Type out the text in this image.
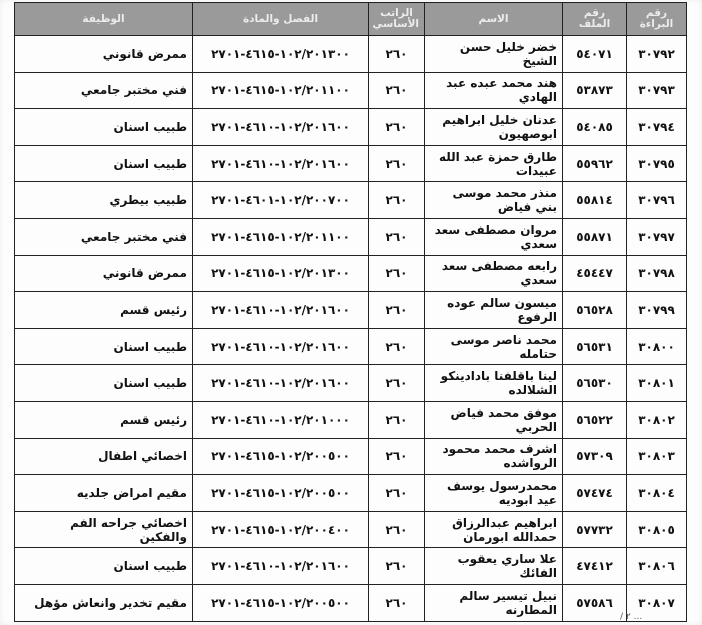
رقم البراءة	رقم الملف	الاسم	الراتب الأساسي	الفصل والمادة	الوظيفة
٣٠٧٩٢	٥٤٠٧١	خضر خليل حسن الشيخ	٢٦٠	١٠٢/٢٠١٣٠٠-٤٦١٥-٢٧٠١	ممرض قانوني
٣٠٧٩٣	٥٣٨٧٣	هند محمد عبده عبد الهادي	٢٦٠	١٠٢/٢٠١١٠٠-٤٦١٥-٢٧٠١	فني مختبر جامعي
٣٠٧٩٤	٥٤٠٨٥	عدنان خليل ابراهيم ابوصهيون	٢٦٠	١٠٢/٢٠١٦٠٠-٤٦١٠-٢٧٠١	طبيب اسنان
٣٠٧٩٥	٥٥٩٦٢	طارق حمزة عبد الله عبيدات	٢٦٠	١٠٢/٢٠١٦٠٠-٤٦١٠-٢٧٠١	طبيب اسنان
٣٠٧٩٦	٥٥٨١٤	منذر محمد موسى بني فياض	٢٦٠	١٠٢/٢٠٠٧٠٠-٤٦٠١-٢٧٠١	طبيب بيطري
٣٠٧٩٧	٥٥٨٧١	مروان مصطفى سعد سعدي	٢٦٠	١٠٢/٢٠١١٠٠-٤٦١٥-٢٧٠١	فني مختبر جامعي
٣٠٧٩٨	٤٥٤٤٧	رابعه مصطفى سعد سعدي	٢٦٠	١٠٢/٢٠١٣٠٠-٤٦١٥-٢٧٠١	ممرض قانوني
٣٠٧٩٩	٥٦٥٢٨	ميسون سالم عوده الرفوع	٢٦٠	١٠٢/٢٠١٦٠٠-٤٦١٠-٢٧٠١	رئيس قسم
٣٠٨٠٠	٥٦٥٣١	محمد ناصر موسى حتامله	٢٦٠	١٠٢/٢٠١٦٠٠-٤٦١٠-٢٧٠١	طبيب اسنان
٣٠٨٠١	٥٦٥٣٠	لينا باقلفنا بادادينكو الشلالده	٢٦٠	١٠٢/٢٠١٦٠٠-٤٦١٠-٢٧٠١	طبيب اسنان
٣٠٨٠٢	٥٦٥٢٢	موفق محمد فياض الحربي	٢٦٠	١٠٢/٢٠١٠٠٠-٤٦١٠-٢٧٠١	رئيس قسم
٣٠٨٠٣	٥٧٣٠٩	اشرف محمد محمود الرواشده	٢٦٠	١٠٢/٢٠٠٥٠٠-٤٦١٥-٢٧٠١	اخصائي اطفال
٣٠٨٠٤	٥٧٤٧٤	محمدرسول يوسف عيد ابوديه	٢٦٠	١٠٢/٢٠٠٥٠٠-٤٦١٥-٢٧٠١	مقيم امراض جلديه
٣٠٨٠٥	٥٧٧٣٢	ابراهيم عبدالرزاق حمدالله ابورمان	٢٦٠	١٠٢/٢٠٠٤٠٠-٤٦١٥-٢٧٠١	اخصائي جراحه الفم والفكين
٣٠٨٠٦	٤٧٤١٢	علا ساري يعقوب الفائك	٢٦٠	١٠٢/٢٠١٦٠٠-٤٦١٠-٢٧٠١	طبيب اسنان
٣٠٨٠٧	٥٧٥٨٦	نبيل تيسير سالم المطارنه	٢٦٠	١٠٢/٢٠٠٥٠٠-٤٦١٥-٢٧٠١	مقيم تخدير وانعاش مؤهل
/ ٢ ...
